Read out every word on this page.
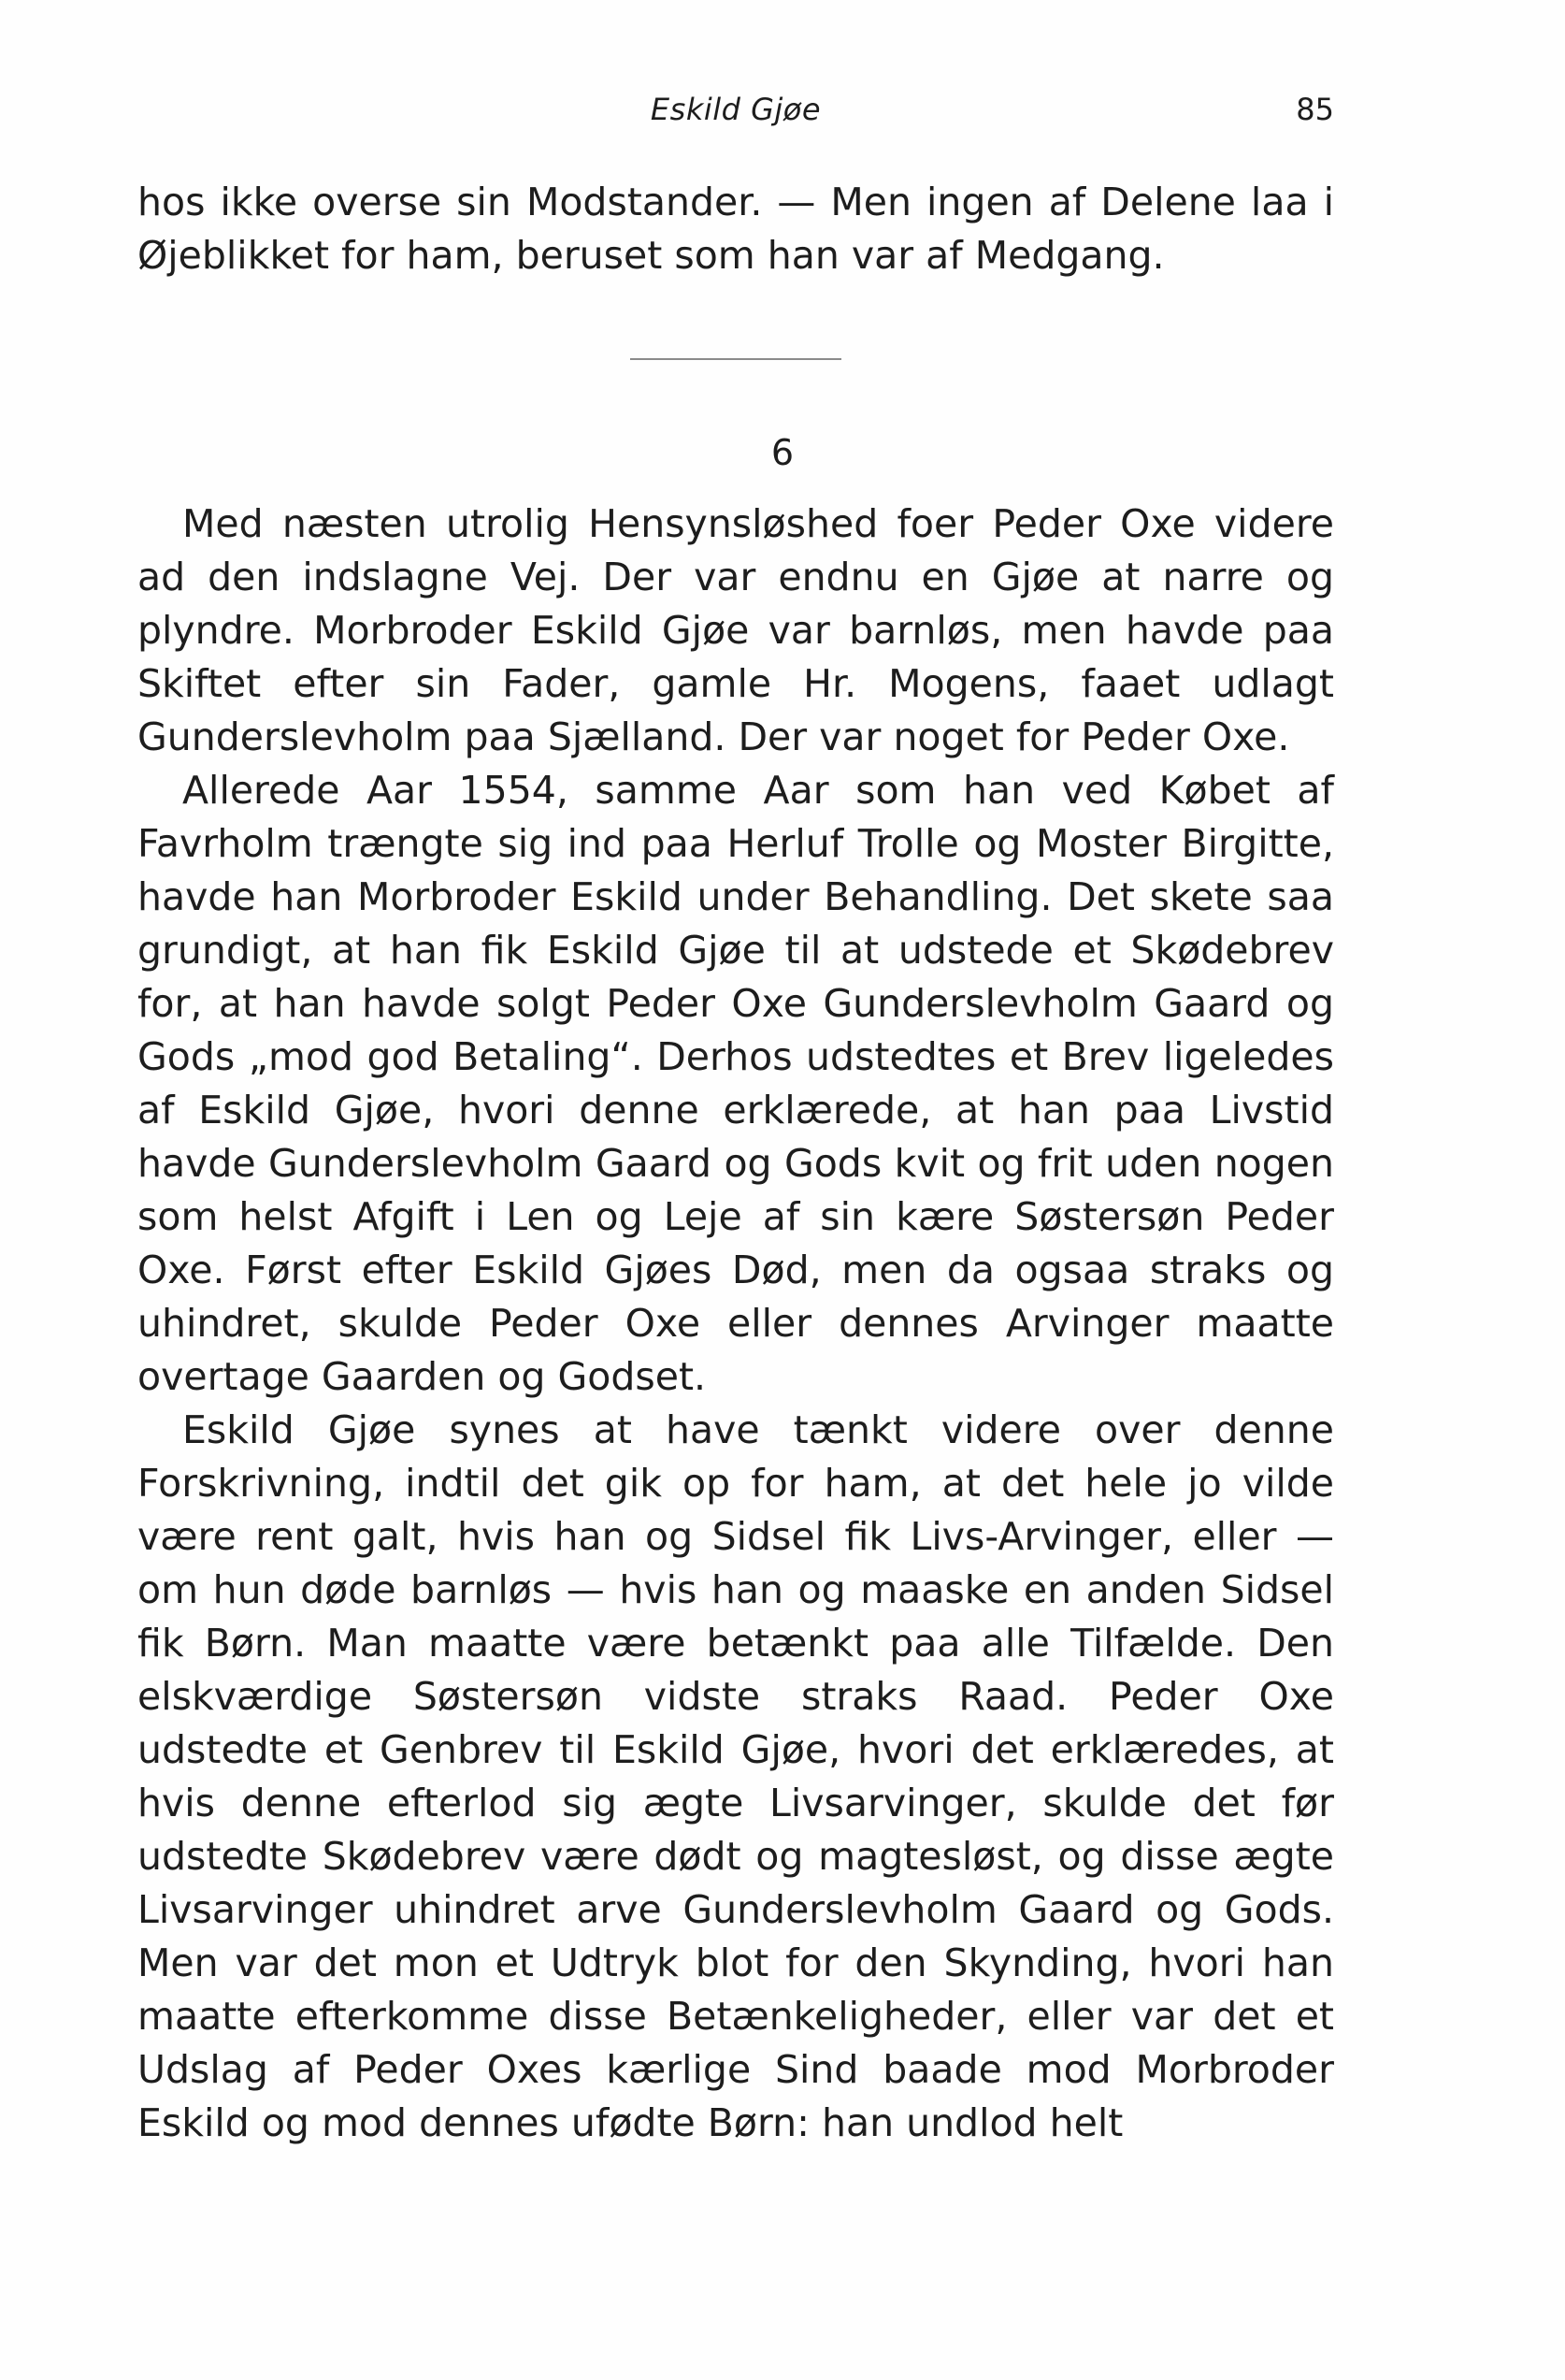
Eskild Gjøe	85

hos ikke overse sin Modstander. — Men ingen af Delene laa i Øjeblikket for ham, beruset som han var af Medgang.

6

Med næsten utrolig Hensynsløshed foer Peder Oxe videre ad den indslagne Vej. Der var endnu en Gjøe at narre og plyndre. Morbroder Eskild Gjøe var barnløs, men havde paa Skiftet efter sin Fader, gamle Hr. Mogens, faaet udlagt Gunderslevholm paa Sjælland. Der var noget for Peder Oxe.

Allerede Aar 1554, samme Aar som han ved Købet af Favrholm trængte sig ind paa Herluf Trolle og Moster Birgitte, havde han Morbroder Eskild under Behandling. Det skete saa grundigt, at han fik Eskild Gjøe til at udstede et Skødebrev for, at han havde solgt Peder Oxe Gunderslevholm Gaard og Gods „mod god Betaling“. Derhos udstedtes et Brev ligeledes af Eskild Gjøe, hvori denne erklærede, at han paa Livstid havde Gunderslevholm Gaard og Gods kvit og frit uden nogen som helst Afgift i Len og Leje af sin kære Søstersøn Peder Oxe. Først efter Eskild Gjøes Død, men da ogsaa straks og uhindret, skulde Peder Oxe eller dennes Arvinger maatte overtage Gaarden og Godset.

Eskild Gjøe synes at have tænkt videre over denne Forskrivning, indtil det gik op for ham, at det hele jo vilde være rent galt, hvis han og Sidsel fik Livs-Arvinger, eller — om hun døde barnløs — hvis han og maaske en anden Sidsel fik Børn. Man maatte være betænkt paa alle Tilfælde. Den elskværdige Søstersøn vidste straks Raad. Peder Oxe udstedte et Genbrev til Eskild Gjøe, hvori det erklæredes, at hvis denne efterlod sig ægte Livsarvinger, skulde det før udstedte Skødebrev være dødt og magtesløst, og disse ægte Livsarvinger uhindret arve Gunderslevholm Gaard og Gods. Men var det mon et Udtryk blot for den Skynding, hvori han maatte efterkomme disse Betænkeligheder, eller var det et Udslag af Peder Oxes kærlige Sind baade mod Morbroder Eskild og mod dennes ufødte Børn: han undlod helt
